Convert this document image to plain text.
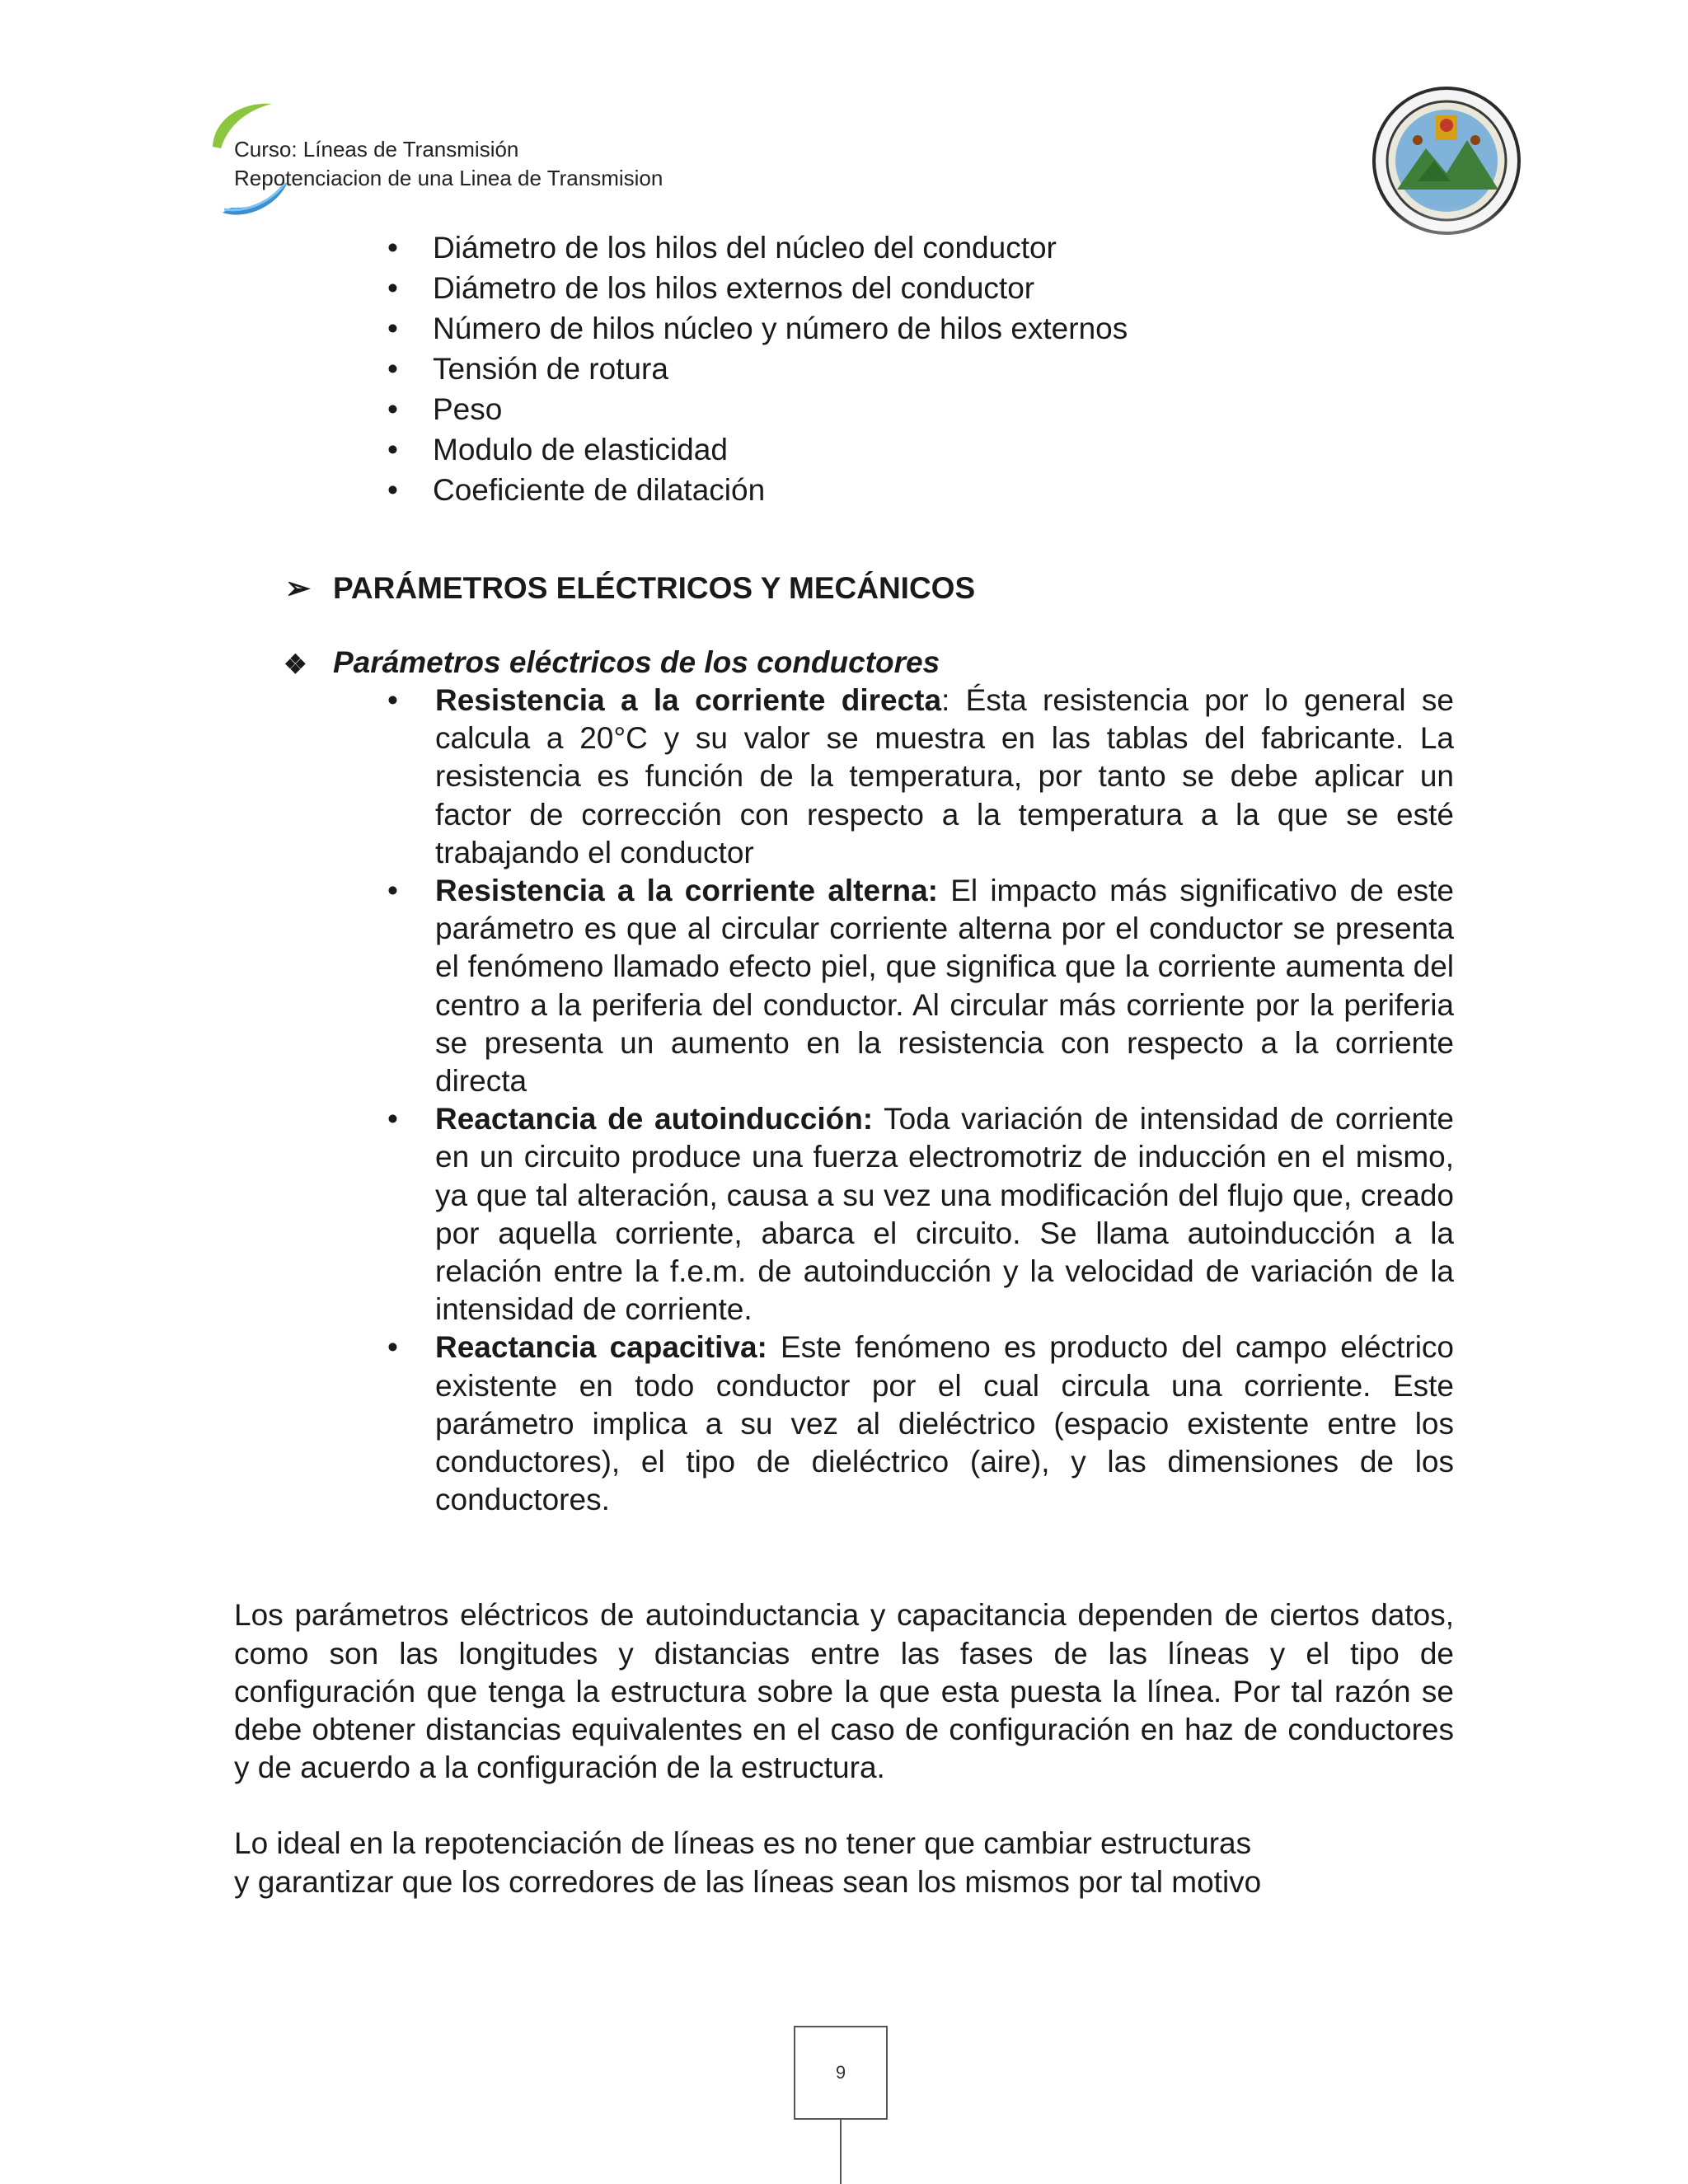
Curso: Líneas de Transmisión
Repotenciacion de una Linea de Transmision
• Diámetro de los hilos del núcleo del conductor
• Diámetro de los hilos externos del conductor
• Número de hilos núcleo y número de hilos externos
• Tensión de rotura
• Peso
• Modulo de elasticidad
• Coeficiente de dilatación
➢ PARÁMETROS ELÉCTRICOS Y MECÁNICOS
❖ Parámetros eléctricos de los conductores
• Resistencia a la corriente directa: Ésta resistencia por lo general se calcula a 20°C y su valor se muestra en las tablas del fabricante. La resistencia es función de la temperatura, por tanto se debe aplicar un factor de corrección con respecto a la temperatura a la que se esté trabajando el conductor
• Resistencia a la corriente alterna: El impacto más significativo de este parámetro es que al circular corriente alterna por el conductor se presenta el fenómeno llamado efecto piel, que significa que la corriente aumenta del centro a la periferia del conductor. Al circular más corriente por la periferia se presenta un aumento en la resistencia con respecto a la corriente directa
• Reactancia de autoinducción: Toda variación de intensidad de corriente en un circuito produce una fuerza electromotriz de inducción en el mismo, ya que tal alteración, causa a su vez una modificación del flujo que, creado por aquella corriente, abarca el circuito. Se llama autoinducción a la relación entre la f.e.m. de autoinducción y la velocidad de variación de la intensidad de corriente.
• Reactancia capacitiva: Este fenómeno es producto del campo eléctrico existente en todo conductor por el cual circula una corriente. Este parámetro implica a su vez al dieléctrico (espacio existente entre los conductores), el tipo de dieléctrico (aire), y las dimensiones de los conductores.

Los parámetros eléctricos de autoinductancia y capacitancia dependen de ciertos datos, como son las longitudes y distancias entre las fases de las líneas y el tipo de configuración que tenga la estructura sobre la que esta puesta la línea. Por tal razón se debe obtener distancias equivalentes en el caso de configuración en haz de conductores y de acuerdo a la configuración de la estructura.

Lo ideal en la repotenciación de líneas es no tener que cambiar estructuras
y garantizar que los corredores de las líneas sean los mismos por tal motivo

9
